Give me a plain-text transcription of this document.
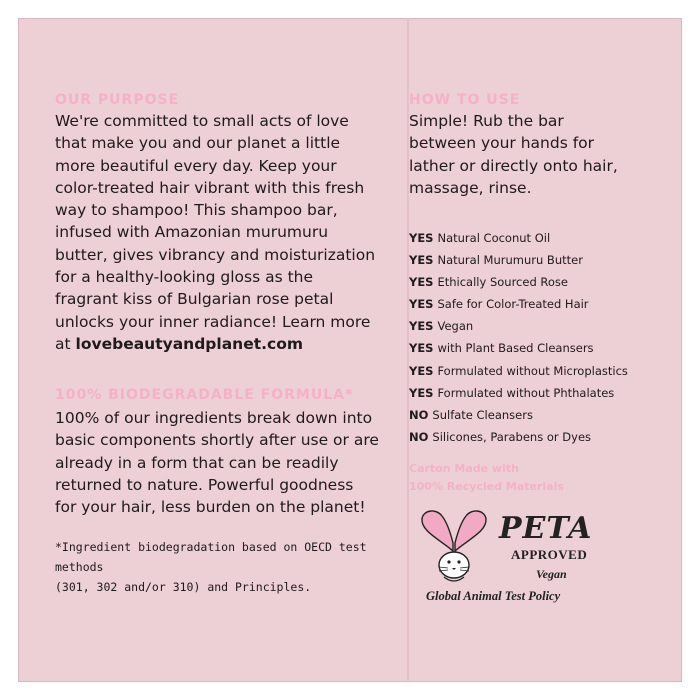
OUR PURPOSE
We're committed to small acts of love
that make you and our planet a little
more beautiful every day. Keep your
color-treated hair vibrant with this fresh
way to shampoo! This shampoo bar,
infused with Amazonian murumuru
butter, gives vibrancy and moisturization
for a healthy-looking gloss as the
fragrant kiss of Bulgarian rose petal
unlocks your inner radiance! Learn more
at lovebeautyandplanet.com
100% BIODEGRADABLE FORMULA*
100% of our ingredients break down into
basic components shortly after use or are
already in a form that can be readily
returned to nature. Powerful goodness
for your hair, less burden on the planet!
*Ingredient biodegradation based on OECD test methods
(301, 302 and/or 310) and Principles.
HOW TO USE
Simple! Rub the bar
between your hands for
lather or directly onto hair,
massage, rinse.
YES Natural Coconut Oil
YES Natural Murumuru Butter
YES Ethically Sourced Rose
YES Safe for Color-Treated Hair
YES Vegan
YES with Plant Based Cleansers
YES Formulated without Microplastics
YES Formulated without Phthalates
NO Sulfate Cleansers
NO Silicones, Parabens or Dyes
Carton Made with
100% Recycled Materials
PETA
APPROVED
Vegan
Global Animal Test Policy
